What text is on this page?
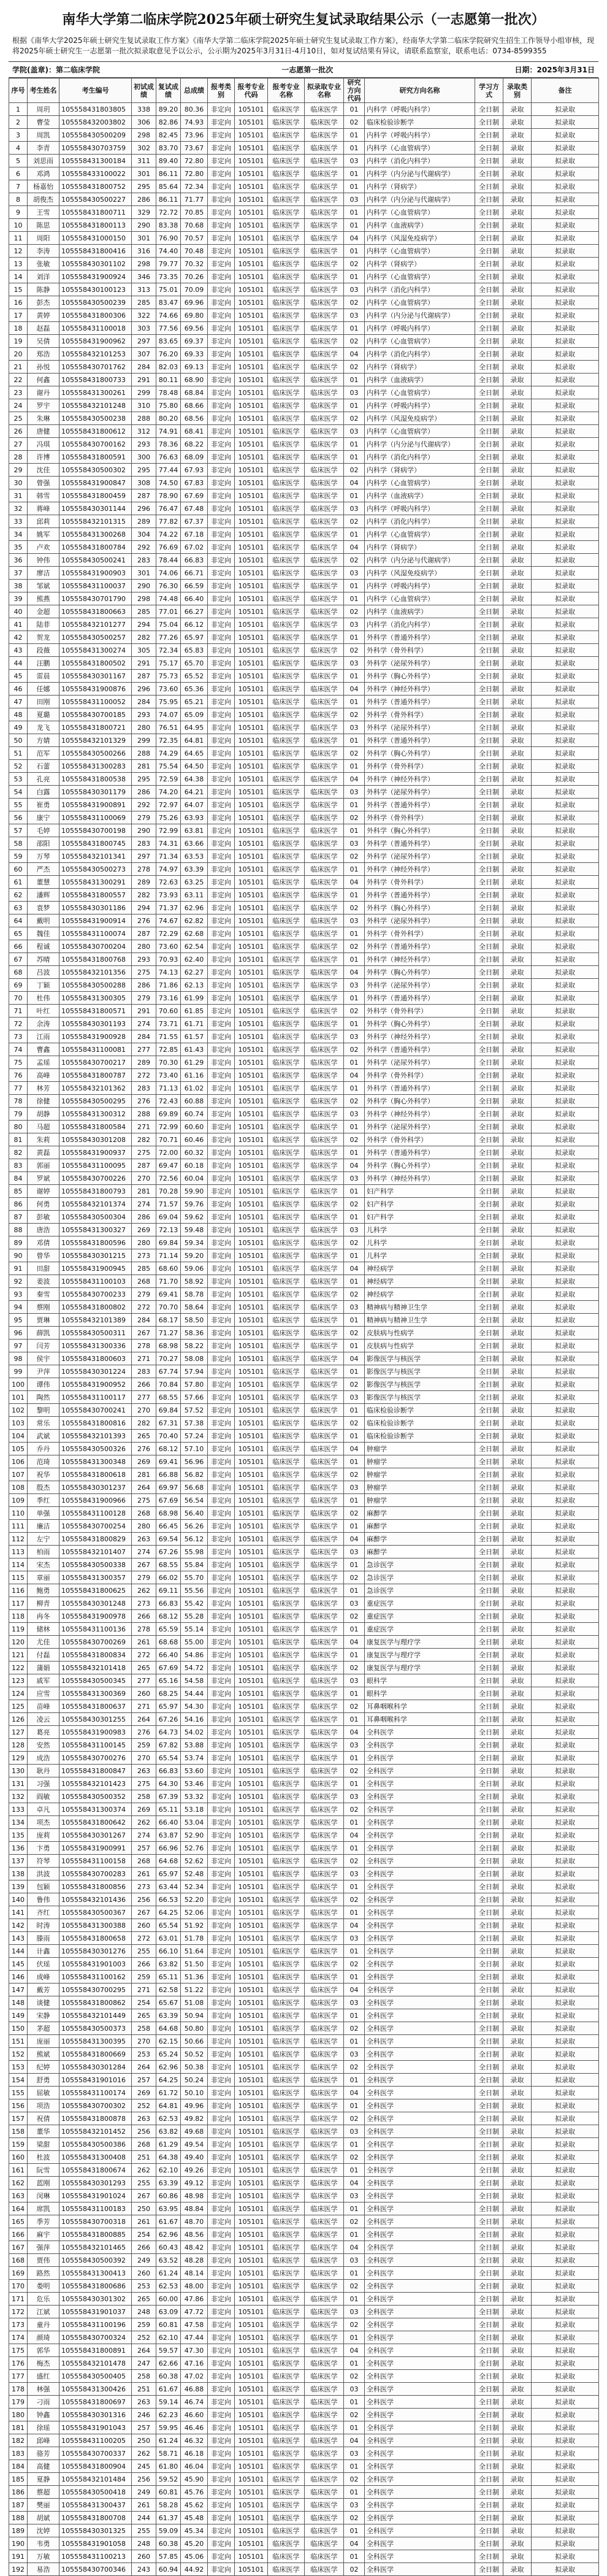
南华大学第二临床学院2025年硕士研究生复试录取结果公示（一志愿第一批次）
根据《南华大学2025年硕士研究生复试录取工作方案》《南华大学第二临床学院2025年硕士研究生复试录取工作方案》，经南华大学第二临床学院研究生招生工作领导小组审核，现将2025年硕士研究生一志愿第一批次拟录取意见予以公示，公示期为2025年3月31日-4月10日，如对复试结果有异议，请联系监察室，联系电话：0734-8599355
学院(盖章)：第二临床学院	一志愿第一批次	日期：2025年3月31日
序号	考生姓名	考生编号	初试成绩	复试成绩	总成绩	报考类别	报考专业代码	报考专业名称	拟录取专业名称	研究方向代码	研究方向名称	学习方式	录取类别	备注
1	周玥	105558431803805	338	89.20	80.36	非定向	105101	临床医学	临床医学	01	内科学（呼吸内科学）	全日制	录取	拟录取
2	曹莹	105558432003802	306	82.86	74.93	非定向	105101	临床医学	临床医学	02	临床检验诊断学	全日制	录取	拟录取
3	周凯	105558430500209	298	82.45	73.96	非定向	105101	临床医学	临床医学	01	内科学（呼吸内科学）	全日制	录取	拟录取
4	李青	105558430703759	302	83.70	73.67	非定向	105101	临床医学	临床医学	01	内科学（心血管病学）	全日制	录取	拟录取
5	刘思雨	105558431300184	311	89.40	72.80	非定向	105101	临床医学	临床医学	03	内科学（消化内科学）	全日制	录取	拟录取
6	邓鸿	105558433100022	301	86.11	72.80	非定向	105101	临床医学	临床医学	01	内科学（内分泌与代谢病学）	全日制	录取	拟录取
7	杨嘉怡	105558431800752	295	85.64	72.34	非定向	105101	临床医学	临床医学	01	内科学（肾病学）	全日制	录取	拟录取
8	胡俊杰	105558430500227	286	86.11	71.77	非定向	105101	临床医学	临床医学	03	内科学（内分泌与代谢病学）	全日制	录取	拟录取
9	王雪	105558431800711	329	72.72	70.85	非定向	105101	临床医学	临床医学	01	内科学（心血管病学）	全日制	录取	拟录取
10	陈思	105558431800113	290	83.38	70.68	非定向	105101	临床医学	临床医学	01	内科学（血液病学）	全日制	录取	拟录取
11	周阳	105558431000150	301	76.90	70.57	非定向	105101	临床医学	临床医学	04	内科学（风湿免疫病学）	全日制	录取	拟录取
12	李涛	105558431800416	316	74.40	70.48	非定向	105101	临床医学	临床医学	01	内科学（心血管病学）	全日制	录取	拟录取
13	张敏	105558430301102	298	79.77	70.32	非定向	105101	临床医学	临床医学	02	内科学（肾病学）	全日制	录取	拟录取
14	刘洋	105558431900924	346	73.35	70.26	非定向	105101	临床医学	临床医学	01	内科学（心血管病学）	全日制	录取	拟录取
15	陈静	105558430100123	313	75.01	70.09	非定向	105101	临床医学	临床医学	03	内科学（消化内科学）	全日制	录取	拟录取
16	彭杰	105558430500239	285	83.47	69.96	非定向	105101	临床医学	临床医学	02	内科学（心血管病学）	全日制	录取	拟录取
17	黄婷	105558431800306	322	74.66	69.80	非定向	105101	临床医学	临床医学	03	内科学（内分泌与代谢病学）	全日制	录取	拟录取
18	赵磊	105558431100018	303	77.56	69.56	非定向	105101	临床医学	临床医学	01	内科学（呼吸内科学）	全日制	录取	拟录取
19	吴倩	105558431900962	297	83.65	69.37	非定向	105101	临床医学	临床医学	02	内科学（心血管病学）	全日制	录取	拟录取
20	郑浩	105558432101253	307	76.20	69.33	非定向	105101	临床医学	临床医学	04	内科学（消化内科学）	全日制	录取	拟录取
21	孙悦	105558430701762	284	82.03	69.13	非定向	105101	临床医学	临床医学	02	内科学（肾病学）	全日制	录取	拟录取
22	何鑫	105558431800733	291	80.11	68.90	非定向	105101	临床医学	临床医学	01	内科学（血液病学）	全日制	录取	拟录取
23	谢丹	105558431300261	299	78.48	68.84	非定向	105101	临床医学	临床医学	03	内科学（心血管病学）	全日制	录取	拟录取
24	罗宇	105558432101248	310	75.80	68.66	非定向	105101	临床医学	临床医学	01	内科学（呼吸内科学）	全日制	录取	拟录取
25	朱琳	105558430500238	288	80.20	68.56	非定向	105101	临床医学	临床医学	02	内科学（风湿免疫病学）	全日制	录取	拟录取
26	唐健	105558431800612	312	74.91	68.41	非定向	105101	临床医学	临床医学	03	内科学（心血管病学）	全日制	录取	拟录取
27	冯琪	105558430700162	293	78.36	68.22	非定向	105101	临床医学	临床医学	01	内科学（内分泌与代谢病学）	全日制	录取	拟录取
28	许博	105558431800591	300	76.63	68.09	非定向	105101	临床医学	临床医学	01	内科学（消化内科学）	全日制	录取	拟录取
29	沈佳	105558430500302	295	77.44	67.93	非定向	105101	临床医学	临床医学	02	内科学（肾病学）	全日制	录取	拟录取
30	曾强	105558431900847	308	74.50	67.83	非定向	105101	临床医学	临床医学	04	内科学（心血管病学）	全日制	录取	拟录取
31	韩雪	105558431800459	287	78.90	67.69	非定向	105101	临床医学	临床医学	01	内科学（血液病学）	全日制	录取	拟录取
32	蒋峰	105558430301144	296	76.47	67.48	非定向	105101	临床医学	临床医学	03	内科学（呼吸内科学）	全日制	录取	拟录取
33	邱莉	105558432101315	289	77.82	67.37	非定向	105101	临床医学	临床医学	02	内科学（消化内科学）	全日制	录取	拟录取
34	姚军	105558431300268	304	74.22	67.18	非定向	105101	临床医学	临床医学	01	内科学（心血管病学）	全日制	录取	拟录取
35	卢欢	105558431800784	292	76.69	67.02	非定向	105101	临床医学	临床医学	04	内科学（肾病学）	全日制	录取	拟录取
36	钟伟	105558430500241	283	78.44	66.83	非定向	105101	临床医学	临床医学	02	内科学（内分泌与代谢病学）	全日制	录取	拟录取
37	廖洁	105558431900903	301	74.06	66.71	非定向	105101	临床医学	临床医学	03	内科学（风湿免疫病学）	全日制	录取	拟录取
38	邹斌	105558431100037	290	76.30	66.59	非定向	105101	临床医学	临床医学	01	内科学（呼吸内科学）	全日制	录取	拟录取
39	熊燕	105558430701790	298	74.48	66.40	非定向	105101	临床医学	临床医学	01	内科学（心血管病学）	全日制	录取	拟录取
40	金超	105558431800663	285	77.01	66.27	非定向	105101	临床医学	临床医学	02	内科学（血液病学）	全日制	录取	拟录取
41	陆菲	105558432101277	294	75.04	66.12	非定向	105101	临床医学	临床医学	03	内科学（消化内科学）	全日制	录取	拟录取
42	贺龙	105558430500257	282	77.26	65.97	非定向	105101	临床医学	临床医学	01	外科学（普通外科学）	全日制	录取	拟录取
43	段薇	105558431300274	305	72.34	65.83	非定向	105101	临床医学	临床医学	02	外科学（骨外科学）	全日制	录取	拟录取
44	汪鹏	105558431800502	291	75.17	65.70	非定向	105101	临床医学	临床医学	03	外科学（泌尿外科学）	全日制	录取	拟录取
45	雷晨	105558430301167	287	75.73	65.52	非定向	105101	临床医学	临床医学	01	外科学（胸心外科学）	全日制	录取	拟录取
46	任娜	105558431900876	296	73.60	65.36	非定向	105101	临床医学	临床医学	04	外科学（神经外科学）	全日制	录取	拟录取
47	田刚	105558431100052	284	75.95	65.21	非定向	105101	临床医学	临床医学	01	外科学（普通外科学）	全日制	录取	拟录取
48	夏璐	105558430700185	293	74.07	65.09	非定向	105101	临床医学	临床医学	02	外科学（骨外科学）	全日制	录取	拟录取
49	龙飞	105558431800721	280	76.51	64.95	非定向	105101	临床医学	临床医学	03	外科学（泌尿外科学）	全日制	录取	拟录取
50	方婧	105558432101329	299	72.35	64.81	非定向	105101	临床医学	临床医学	01	外科学（普通外科学）	全日制	录取	拟录取
51	范军	105558430500266	288	74.29	64.65	非定向	105101	临床医学	临床医学	02	外科学（胸心外科学）	全日制	录取	拟录取
52	石蕾	105558431300283	281	75.54	64.50	非定向	105101	临床医学	临床医学	01	外科学（骨外科学）	全日制	录取	拟录取
53	孔亮	105558431800538	295	72.59	64.38	非定向	105101	临床医学	临床医学	04	外科学（神经外科学）	全日制	录取	拟录取
54	白露	105558430301179	286	74.20	64.21	非定向	105101	临床医学	临床医学	03	外科学（泌尿外科学）	全日制	录取	拟录取
55	崔勇	105558431900891	292	72.97	64.07	非定向	105101	临床医学	临床医学	01	外科学（普通外科学）	全日制	录取	拟录取
56	康宁	105558431100069	279	75.26	63.93	非定向	105101	临床医学	临床医学	02	外科学（骨外科学）	全日制	录取	拟录取
57	毛婷	105558430700198	290	72.99	63.81	非定向	105101	临床医学	临床医学	01	外科学（胸心外科学）	全日制	录取	拟录取
58	邵阳	105558431800745	283	74.31	63.66	非定向	105101	临床医学	临床医学	03	外科学（普通外科学）	全日制	录取	拟录取
59	万琴	105558432101341	297	71.34	63.53	非定向	105101	临床医学	临床医学	02	外科学（泌尿外科学）	全日制	录取	拟录取
60	严杰	105558430500273	278	74.97	63.39	非定向	105101	临床医学	临床医学	01	外科学（神经外科学）	全日制	录取	拟录取
61	董慧	105558431300291	289	72.63	63.25	非定向	105101	临床医学	临床医学	04	外科学（骨外科学）	全日制	录取	拟录取
62	潘辉	105558431800557	282	73.93	63.11	非定向	105101	临床医学	临床医学	01	外科学（普通外科学）	全日制	录取	拟录取
63	袁梦	105558430301186	294	71.37	62.96	非定向	105101	临床医学	临床医学	02	外科学（胸心外科学）	全日制	录取	拟录取
64	戴明	105558431900914	276	74.67	62.82	非定向	105101	临床医学	临床医学	03	外科学（泌尿外科学）	全日制	录取	拟录取
65	魏佳	105558431100074	287	72.29	62.68	非定向	105101	临床医学	临床医学	01	外科学（骨外科学）	全日制	录取	拟录取
66	程诚	105558430700204	280	73.60	62.54	非定向	105101	临床医学	临床医学	02	外科学（普通外科学）	全日制	录取	拟录取
67	苏晴	105558431800768	293	70.93	62.40	非定向	105101	临床医学	临床医学	01	外科学（神经外科学）	全日制	录取	拟录取
68	吕波	105558432101356	275	74.13	62.27	非定向	105101	临床医学	临床医学	04	外科学（胸心外科学）	全日制	录取	拟录取
69	丁颖	105558430500288	286	71.86	62.13	非定向	105101	临床医学	临床医学	03	外科学（泌尿外科学）	全日制	录取	拟录取
70	杜伟	105558431300305	279	73.16	61.99	非定向	105101	临床医学	临床医学	01	外科学（普通外科学）	全日制	录取	拟录取
71	叶红	105558431800571	291	70.60	61.85	非定向	105101	临床医学	临床医学	02	外科学（骨外科学）	全日制	录取	拟录取
72	余涛	105558430301193	274	73.71	61.71	非定向	105101	临床医学	临床医学	01	外科学（胸心外科学）	全日制	录取	拟录取
73	江雨	105558431900928	284	71.55	61.57	非定向	105101	临床医学	临床医学	03	外科学（神经外科学）	全日制	录取	拟录取
74	曹鑫	105558431100081	277	72.85	61.43	非定向	105101	临床医学	临床医学	02	外科学（普通外科学）	全日制	录取	拟录取
75	孟瑶	105558430700217	289	70.30	61.29	非定向	105101	临床医学	临床医学	01	外科学（泌尿外科学）	全日制	录取	拟录取
76	高峰	105558431800787	272	73.40	61.16	非定向	105101	临床医学	临床医学	04	外科学（骨外科学）	全日制	录取	拟录取
77	林芳	105558432101362	283	71.13	61.02	非定向	105101	临床医学	临床医学	01	外科学（普通外科学）	全日制	录取	拟录取
78	徐健	105558430500295	276	72.43	60.88	非定向	105101	临床医学	临床医学	02	外科学（胸心外科学）	全日制	录取	拟录取
79	胡静	105558431300312	288	69.89	60.74	非定向	105101	临床医学	临床医学	03	外科学（神经外科学）	全日制	录取	拟录取
80	马超	105558431800584	271	72.99	60.60	非定向	105101	临床医学	临床医学	01	外科学（泌尿外科学）	全日制	录取	拟录取
81	朱莉	105558430301208	282	70.71	60.46	非定向	105101	临床医学	临床医学	02	外科学（骨外科学）	全日制	录取	拟录取
82	黄磊	105558431900937	275	72.00	60.32	非定向	105101	临床医学	临床医学	01	外科学（普通外科学）	全日制	录取	拟录取
83	郭丽	105558431100095	287	69.47	60.18	非定向	105101	临床医学	临床医学	04	外科学（胸心外科学）	全日制	录取	拟录取
84	罗斌	105558430700226	270	72.56	60.04	非定向	105101	临床医学	临床医学	03	外科学（神经外科学）	全日制	录取	拟录取
85	谢婷	105558431800793	281	70.28	59.90	非定向	105101	临床医学	临床医学	01	妇产科学	全日制	录取	拟录取
86	何勇	105558432101374	274	71.57	59.76	非定向	105101	临床医学	临床医学	02	妇产科学	全日制	录取	拟录取
87	彭敏	105558430500304	286	69.04	59.62	非定向	105101	临床医学	临床医学	01	妇产科学	全日制	录取	拟录取
88	唐浩	105558431300327	269	72.13	59.48	非定向	105101	临床医学	临床医学	03	儿科学	全日制	录取	拟录取
89	邓倩	105558431800596	280	69.84	59.34	非定向	105101	临床医学	临床医学	02	儿科学	全日制	录取	拟录取
90	曾华	105558430301215	273	71.14	59.20	非定向	105101	临床医学	临床医学	01	儿科学	全日制	录取	拟录取
91	田甜	105558431900945	285	68.60	59.06	非定向	105101	临床医学	临床医学	04	神经病学	全日制	录取	拟录取
92	姜波	105558431100103	268	71.70	58.92	非定向	105101	临床医学	临床医学	01	神经病学	全日制	录取	拟录取
93	秦雪	105558430700233	279	69.41	58.78	非定向	105101	临床医学	临床医学	02	神经病学	全日制	录取	拟录取
94	蔡刚	105558431800802	272	70.70	58.64	非定向	105101	临床医学	临床医学	03	精神病与精神卫生学	全日制	录取	拟录取
95	贾琳	105558432101389	284	68.17	58.50	非定向	105101	临床医学	临床医学	01	精神病与精神卫生学	全日制	录取	拟录取
96	薛凯	105558430500311	267	71.27	58.36	非定向	105101	临床医学	临床医学	02	皮肤病与性病学	全日制	录取	拟录取
97	闫芳	105558431300336	278	68.98	58.22	非定向	105101	临床医学	临床医学	01	皮肤病与性病学	全日制	录取	拟录取
98	侯宇	105558431800603	271	70.27	58.08	非定向	105101	临床医学	临床医学	04	影像医学与核医学	全日制	录取	拟录取
99	尹萍	105558430301224	283	67.74	57.94	非定向	105101	临床医学	临床医学	01	影像医学与核医学	全日制	录取	拟录取
100	谭伟	105558431900952	266	70.84	57.80	非定向	105101	临床医学	临床医学	02	影像医学与核医学	全日制	录取	拟录取
101	陶然	105558431100117	277	68.55	57.66	非定向	105101	临床医学	临床医学	03	影像医学与核医学	全日制	录取	拟录取
102	黎明	105558430700241	270	69.84	57.52	非定向	105101	临床医学	临床医学	01	临床检验诊断学	全日制	录取	拟录取
103	常乐	105558431800816	282	67.31	57.38	非定向	105101	临床医学	临床医学	02	临床检验诊断学	全日制	录取	拟录取
104	武斌	105558432101393	265	70.40	57.24	非定向	105101	临床医学	临床医学	01	临床检验诊断学	全日制	录取	拟录取
105	乔丹	105558430500326	276	68.12	57.10	非定向	105101	临床医学	临床医学	04	肿瘤学	全日制	录取	拟录取
106	范琦	105558431300348	269	69.41	56.96	非定向	105101	临床医学	临床医学	01	肿瘤学	全日制	录取	拟录取
107	祝华	105558431800618	281	66.88	56.82	非定向	105101	临床医学	临床医学	02	肿瘤学	全日制	录取	拟录取
108	殷杰	105558430301237	264	69.97	56.68	非定向	105101	临床医学	临床医学	03	肿瘤学	全日制	录取	拟录取
109	季红	105558431900966	275	67.69	56.54	非定向	105101	临床医学	临床医学	01	肿瘤学	全日制	录取	拟录取
110	单强	105558431100128	268	68.98	56.40	非定向	105101	临床医学	临床医学	02	麻醉学	全日制	录取	拟录取
111	廉洁	105558430700254	280	66.45	56.26	非定向	105101	临床医学	临床医学	01	麻醉学	全日制	录取	拟录取
112	左宁	105558431800829	263	69.54	56.12	非定向	105101	临床医学	临床医学	04	麻醉学	全日制	录取	拟录取
113	柏雨	105558432101407	274	67.26	55.98	非定向	105101	临床医学	临床医学	03	麻醉学	全日制	录取	拟录取
114	宋杰	105558430500338	267	68.55	55.84	非定向	105101	临床医学	临床医学	01	急诊医学	全日制	录取	拟录取
115	章丽	105558431300357	279	66.02	55.70	非定向	105101	临床医学	临床医学	02	急诊医学	全日制	录取	拟录取
116	鲍勇	105558431800625	262	69.11	55.56	非定向	105101	临床医学	临床医学	01	急诊医学	全日制	录取	拟录取
117	柳青	105558430301248	273	66.83	55.42	非定向	105101	临床医学	临床医学	03	重症医学	全日制	录取	拟录取
118	冉冬	105558431900978	266	68.12	55.28	非定向	105101	临床医学	临床医学	02	重症医学	全日制	录取	拟录取
119	储林	105558431100136	278	65.59	55.14	非定向	105101	临床医学	临床医学	01	重症医学	全日制	录取	拟录取
120	尤佳	105558430700269	261	68.68	55.00	非定向	105101	临床医学	临床医学	04	康复医学与理疗学	全日制	录取	拟录取
121	付磊	105558431800834	272	66.40	54.86	非定向	105101	临床医学	临床医学	01	康复医学与理疗学	全日制	录取	拟录取
122	蒲娟	105558432101418	265	67.69	54.72	非定向	105101	临床医学	临床医学	02	康复医学与理疗学	全日制	录取	拟录取
123	戚军	105558430500345	277	65.16	54.58	非定向	105101	临床医学	临床医学	03	眼科学	全日制	录取	拟录取
124	应雪	105558431300369	260	68.25	54.44	非定向	105101	临床医学	临床医学	01	眼科学	全日制	录取	拟录取
125	苗峰	105558431800637	271	65.97	54.30	非定向	105101	临床医学	临床医学	02	耳鼻咽喉科学	全日制	录取	拟录取
126	凌云	105558430301255	264	67.26	54.16	非定向	105101	临床医学	临床医学	01	耳鼻咽喉科学	全日制	录取	拟录取
127	葛亮	105558431900983	276	64.73	54.02	非定向	105101	临床医学	临床医学	04	全科医学	全日制	录取	拟录取
128	安然	105558431100145	259	67.82	53.88	非定向	105101	临床医学	临床医学	03	全科医学	全日制	录取	拟录取
129	成浩	105558430700276	270	65.54	53.74	非定向	105101	临床医学	临床医学	01	全科医学	全日制	录取	拟录取
130	耿丹	105558431800847	263	66.83	53.60	非定向	105101	临床医学	临床医学	02	全科医学	全日制	录取	拟录取
131	习强	105558432101423	275	64.30	53.46	非定向	105101	临床医学	临床医学	01	全科医学	全日制	录取	拟录取
132	阎敏	105558430500352	258	67.39	53.32	非定向	105101	临床医学	临床医学	03	全科医学	全日制	录取	拟录取
133	卓凡	105558431300374	269	65.11	53.18	非定向	105101	临床医学	临床医学	02	全科医学	全日制	录取	拟录取
134	项杰	105558431800642	262	66.40	53.04	非定向	105101	临床医学	临床医学	01	全科医学	全日制	录取	拟录取
135	庞莉	105558430301267	274	63.87	52.90	非定向	105101	临床医学	临床医学	04	全科医学	全日制	录取	拟录取
136	卞勇	105558431900991	257	66.96	52.76	非定向	105101	临床医学	临床医学	01	全科医学	全日制	录取	拟录取
137	符琴	105558431100158	268	64.68	52.62	非定向	105101	临床医学	临床医学	02	全科医学	全日制	录取	拟录取
138	洪波	105558430700283	261	65.97	52.48	非定向	105101	临床医学	临床医学	03	全科医学	全日制	录取	拟录取
139	包颖	105558431800856	273	63.44	52.34	非定向	105101	临床医学	临床医学	01	全科医学	全日制	录取	拟录取
140	鲁伟	105558432101436	256	66.53	52.20	非定向	105101	临床医学	临床医学	02	全科医学	全日制	录取	拟录取
141	齐红	105558430500367	267	64.25	52.06	非定向	105101	临床医学	临床医学	01	全科医学	全日制	录取	拟录取
142	时涛	105558431300388	260	65.54	51.92	非定向	105101	临床医学	临床医学	04	全科医学	全日制	录取	拟录取
143	滕雨	105558431800658	272	63.01	51.78	非定向	105101	临床医学	临床医学	03	全科医学	全日制	录取	拟录取
144	计鑫	105558430301276	255	66.10	51.64	非定向	105101	临床医学	临床医学	01	全科医学	全日制	录取	拟录取
145	伏瑶	105558431901003	266	63.82	51.50	非定向	105101	临床医学	临床医学	02	全科医学	全日制	录取	拟录取
146	成峰	105558431100162	259	65.11	51.36	非定向	105101	临床医学	临床医学	01	全科医学	全日制	录取	拟录取
147	戴芳	105558430700295	271	62.58	51.22	非定向	105101	临床医学	临床医学	04	全科医学	全日制	录取	拟录取
148	谈健	105558431800862	254	65.67	51.08	非定向	105101	临床医学	临床医学	03	全科医学	全日制	录取	拟录取
149	宋静	105558432101449	265	63.39	50.94	非定向	105101	临床医学	临床医学	01	全科医学	全日制	录取	拟录取
150	茅超	105558430500373	258	64.68	50.80	非定向	105101	临床医学	临床医学	02	全科医学	全日制	录取	拟录取
151	庞丽	105558431300395	270	62.15	50.66	非定向	105101	临床医学	临床医学	01	全科医学	全日制	录取	拟录取
152	熊斌	105558431800669	253	65.24	50.52	非定向	105101	临床医学	临床医学	03	全科医学	全日制	录取	拟录取
153	纪婷	105558430301284	264	62.96	50.38	非定向	105101	临床医学	临床医学	02	全科医学	全日制	录取	拟录取
154	舒勇	105558431901016	257	64.25	50.24	非定向	105101	临床医学	临床医学	01	全科医学	全日制	录取	拟录取
155	屈敏	105558431100174	269	61.72	50.10	非定向	105101	临床医学	临床医学	04	全科医学	全日制	录取	拟录取
156	项浩	105558430700302	252	64.81	49.96	非定向	105101	临床医学	临床医学	01	全科医学	全日制	录取	拟录取
157	祝倩	105558431800878	263	62.53	49.82	非定向	105101	临床医学	临床医学	02	全科医学	全日制	录取	拟录取
158	董华	105558432101452	256	63.82	49.68	非定向	105101	临床医学	临床医学	03	全科医学	全日制	录取	拟录取
159	梁甜	105558430500386	268	61.29	49.54	非定向	105101	临床医学	临床医学	01	全科医学	全日制	录取	拟录取
160	杜波	105558431300408	251	64.38	49.40	非定向	105101	临床医学	临床医学	02	全科医学	全日制	录取	拟录取
161	阮雪	105558431800674	262	62.10	49.26	非定向	105101	临床医学	临床医学	01	全科医学	全日制	录取	拟录取
162	蓝刚	105558430301293	255	63.39	49.12	非定向	105101	临床医学	临床医学	04	全科医学	全日制	录取	拟录取
163	闵琳	105558431901024	267	60.86	48.98	非定向	105101	临床医学	临床医学	03	全科医学	全日制	录取	拟录取
164	席凯	105558431100183	250	63.95	48.84	非定向	105101	临床医学	临床医学	01	全科医学	全日制	录取	拟录取
165	季芳	105558430700318	261	61.67	48.70	非定向	105101	临床医学	临床医学	02	全科医学	全日制	录取	拟录取
166	麻宇	105558431800885	254	62.96	48.56	非定向	105101	临床医学	临床医学	01	全科医学	全日制	录取	拟录取
167	强萍	105558432101465	266	60.43	48.42	非定向	105101	临床医学	临床医学	04	全科医学	全日制	录取	拟录取
168	贾伟	105558430500392	249	63.52	48.28	非定向	105101	临床医学	临床医学	03	全科医学	全日制	录取	拟录取
169	路然	105558431300413	260	61.24	48.14	非定向	105101	临床医学	临床医学	01	全科医学	全日制	录取	拟录取
170	娄明	105558431800686	253	62.53	48.00	非定向	105101	临床医学	临床医学	02	全科医学	全日制	录取	拟录取
171	危乐	105558430301302	265	60.00	47.86	非定向	105101	临床医学	临床医学	01	全科医学	全日制	录取	拟录取
172	江斌	105558431901037	248	63.09	47.72	非定向	105101	临床医学	临床医学	03	全科医学	全日制	录取	拟录取
173	童丹	105558431100196	259	60.81	47.58	非定向	105101	临床医学	临床医学	02	全科医学	全日制	录取	拟录取
174	颜琦	105558430700324	252	62.10	47.44	非定向	105101	临床医学	临床医学	01	全科医学	全日制	录取	拟录取
175	郭华	105558431800891	264	59.57	47.30	非定向	105101	临床医学	临床医学	04	全科医学	全日制	录取	拟录取
176	梅杰	105558432101478	247	62.66	47.16	非定向	105101	临床医学	临床医学	01	全科医学	全日制	录取	拟录取
177	盛红	105558430500405	258	60.38	47.02	非定向	105101	临床医学	临床医学	02	全科医学	全日制	录取	拟录取
178	林强	105558431300426	251	61.67	46.88	非定向	105101	临床医学	临床医学	03	全科医学	全日制	录取	拟录取
179	刁雨	105558431800697	263	59.14	46.74	非定向	105101	临床医学	临床医学	01	全科医学	全日制	录取	拟录取
180	钟鑫	105558430301316	246	62.23	46.60	非定向	105101	临床医学	临床医学	02	全科医学	全日制	录取	拟录取
181	徐瑶	105558431901043	257	59.95	46.46	非定向	105101	临床医学	临床医学	01	全科医学	全日制	录取	拟录取
182	邱峰	105558431100205	250	61.24	46.32	非定向	105101	临床医学	临床医学	04	全科医学	全日制	录取	拟录取
183	骆芳	105558430700337	262	58.71	46.18	非定向	105101	临床医学	临床医学	03	全科医学	全日制	录取	拟录取
184	高健	105558431800904	245	61.80	46.04	非定向	105101	临床医学	临床医学	01	全科医学	全日制	录取	拟录取
185	夏静	105558432101484	256	59.52	45.90	非定向	105101	临床医学	临床医学	02	全科医学	全日制	录取	拟录取
186	蔡超	105558430500418	249	60.81	45.76	非定向	105101	临床医学	临床医学	01	全科医学	全日制	录取	拟录取
187	樊丽	105558431300437	261	58.28	45.62	非定向	105101	临床医学	临床医学	03	全科医学	全日制	录取	拟录取
188	胡斌	105558431800708	244	61.37	45.48	非定向	105101	临床医学	临床医学	02	全科医学	全日制	录取	拟录取
189	沈婷	105558430301325	255	59.09	45.34	非定向	105101	临床医学	临床医学	01	全科医学	全日制	录取	拟录取
190	韦勇	105558431901058	248	60.38	45.20	非定向	105101	临床医学	临床医学	04	全科医学	全日制	录取	拟录取
191	万敏	105558431100213	260	57.85	45.06	非定向	105101	临床医学	临床医学	01	全科医学	全日制	录取	拟录取
192	易浩	105558430700346	243	60.94	44.92	非定向	105101	临床医学	临床医学	02	全科医学	全日制	录取	拟录取
